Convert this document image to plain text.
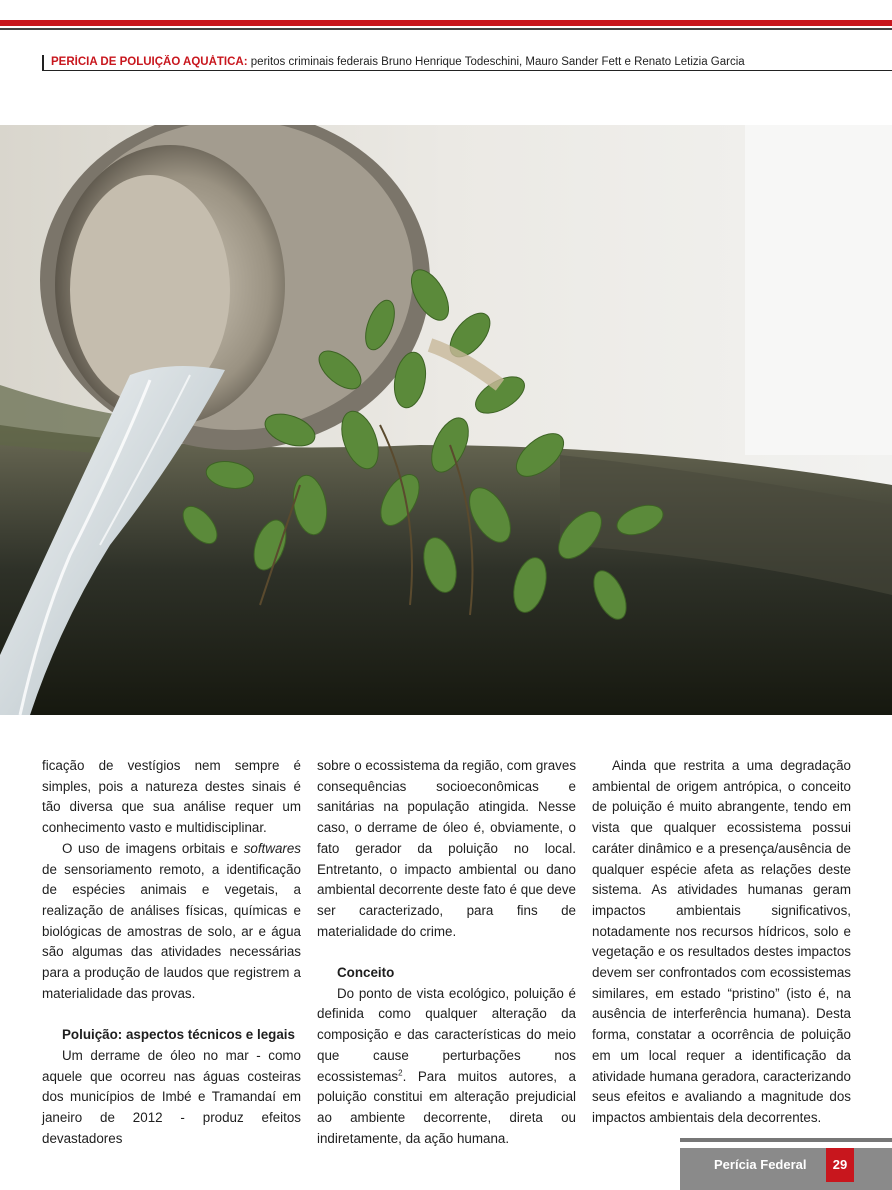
PERÍCIA DE POLUIÇÃO AQUÁTICA: peritos criminais federais Bruno Henrique Todeschini, Mauro Sander Fett e Renato Letizia Garcia

ficação de vestígios nem sempre é simples, pois a natureza destes sinais é tão diversa que sua análise requer um conhecimento vasto e multidisciplinar.

O uso de imagens orbitais e softwares de sensoriamento remoto, a identificação de espécies animais e vegetais, a realização de análises físicas, químicas e biológicas de amostras de solo, ar e água são algumas das atividades necessárias para a produção de laudos que registrem a materialidade das provas.

Poluição: aspectos técnicos e legais

Um derrame de óleo no mar - como aquele que ocorreu nas águas costeiras dos municípios de Imbé e Tramandaí em janeiro de 2012 - produz efeitos devastadores

sobre o ecossistema da região, com graves consequências socioeconômicas e sanitárias na população atingida. Nesse caso, o derrame de óleo é, obviamente, o fato gerador da poluição no local. Entretanto, o impacto ambiental ou dano ambiental decorrente deste fato é que deve ser caracterizado, para fins de materialidade do crime.

Conceito

Do ponto de vista ecológico, poluição é definida como qualquer alteração da composição e das características do meio que cause perturbações nos ecossistemas$^2$. Para muitos autores, a poluição constitui em alteração prejudicial ao ambiente decorrente, direta ou indiretamente, da ação humana.

Ainda que restrita a uma degradação ambiental de origem antrópica, o conceito de poluição é muito abrangente, tendo em vista que qualquer ecossistema possui caráter dinâmico e a presença/ausência de qualquer espécie afeta as relações deste sistema. As atividades humanas geram impactos ambientais significativos, notadamente nos recursos hídricos, solo e vegetação e os resultados destes impactos devem ser confrontados com ecossistemas similares, em estado “pristino” (isto é, na ausência de interferência humana). Desta forma, constatar a ocorrência de poluição em um local requer a identificação da atividade humana geradora, caracterizando seus efeitos e avaliando a magnitude dos impactos ambientais dela decorrentes.

Perícia Federal	29
